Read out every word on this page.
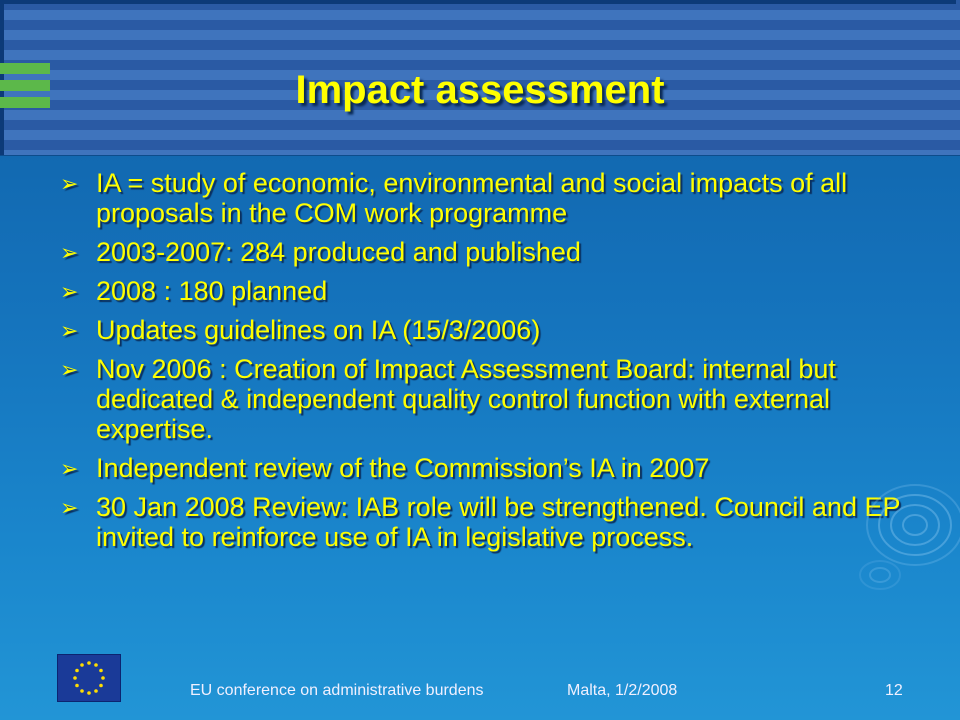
Impact assessment
➢ IA = study of economic, environmental and social impacts of all proposals in the COM work programme
➢ 2003-2007: 284 produced and published
➢ 2008 : 180 planned
➢ Updates guidelines on IA (15/3/2006)
➢ Nov 2006 : Creation of Impact Assessment Board: internal but dedicated & independent quality control function with external expertise.
➢ Independent review of the Commission’s IA in 2007
➢ 30 Jan 2008 Review: IAB role will be strengthened. Council and EP invited to reinforce use of IA in legislative process.
EU conference on administrative burdens	Malta, 1/2/2008	12
